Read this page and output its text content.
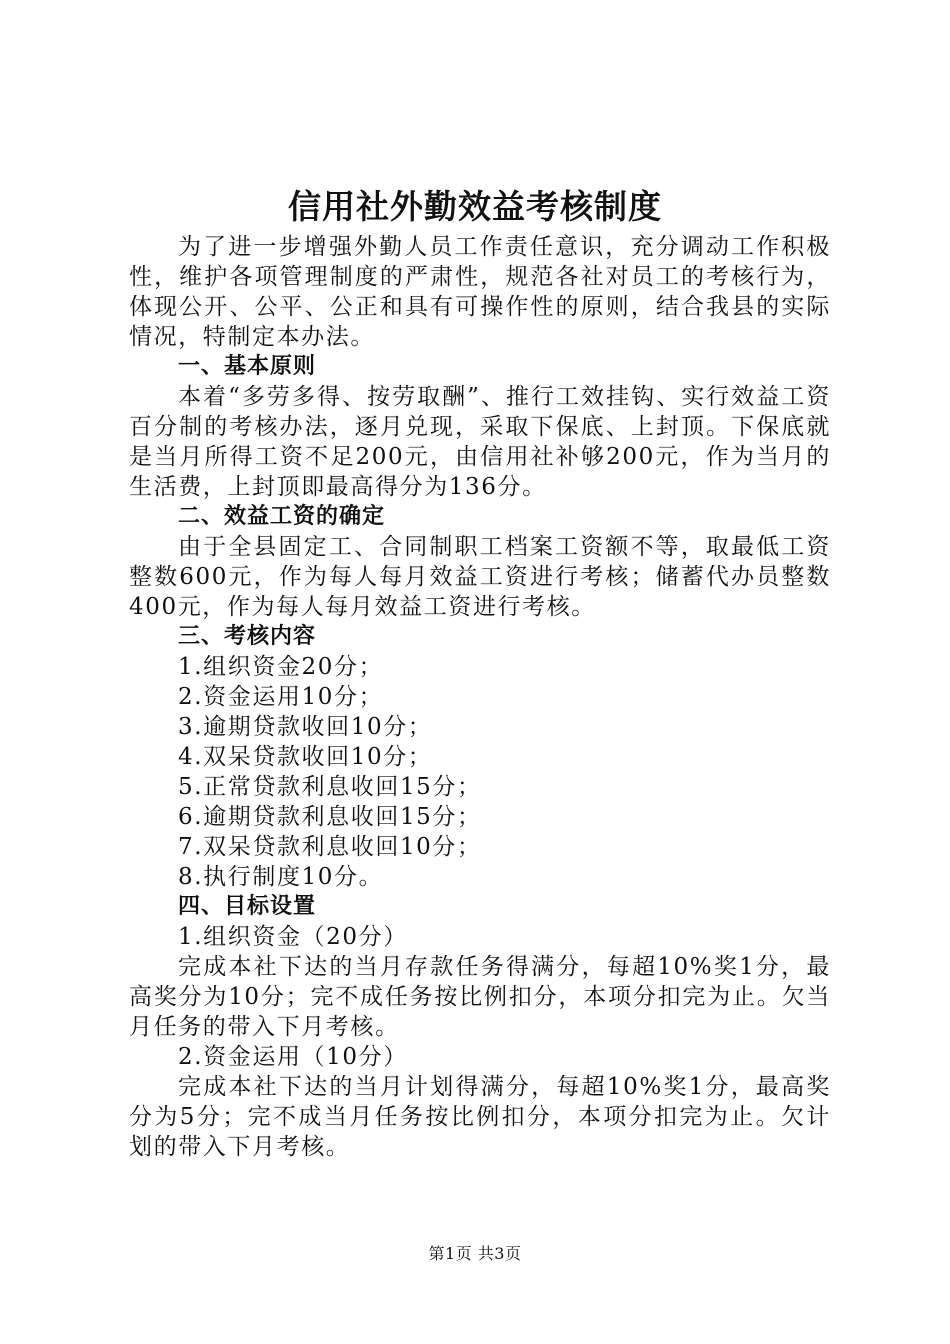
信用社外勤效益考核制度

为了进一步增强外勤人员工作责任意识，充分调动工作积极性，维护各项管理制度的严肃性，规范各社对员工的考核行为，体现公开、公平、公正和具有可操作性的原则，结合我县的实际情况，特制定本办法。

一、基本原则

本着“多劳多得、按劳取酬”、推行工效挂钩、实行效益工资百分制的考核办法，逐月兑现，采取下保底、上封顶。下保底就是当月所得工资不足200元，由信用社补够200元，作为当月的生活费，上封顶即最高得分为136分。

二、效益工资的确定

由于全县固定工、合同制职工档案工资额不等，取最低工资整数600元，作为每人每月效益工资进行考核；储蓄代办员整数400元，作为每人每月效益工资进行考核。

三、考核内容

1.组织资金20分；

2.资金运用10分；

3.逾期贷款收回10分；

4.双呆贷款收回10分；

5.正常贷款利息收回15分；

6.逾期贷款利息收回15分；

7.双呆贷款利息收回10分；

8.执行制度10分。

四、目标设置

1.组织资金（20分）

完成本社下达的当月存款任务得满分，每超10%奖1分，最高奖分为10分；完不成任务按比例扣分，本项分扣完为止。欠当月任务的带入下月考核。

2.资金运用（10分）

完成本社下达的当月计划得满分，每超10%奖1分，最高奖分为5分；完不成当月任务按比例扣分，本项分扣完为止。欠计划的带入下月考核。

第1页 共3页
